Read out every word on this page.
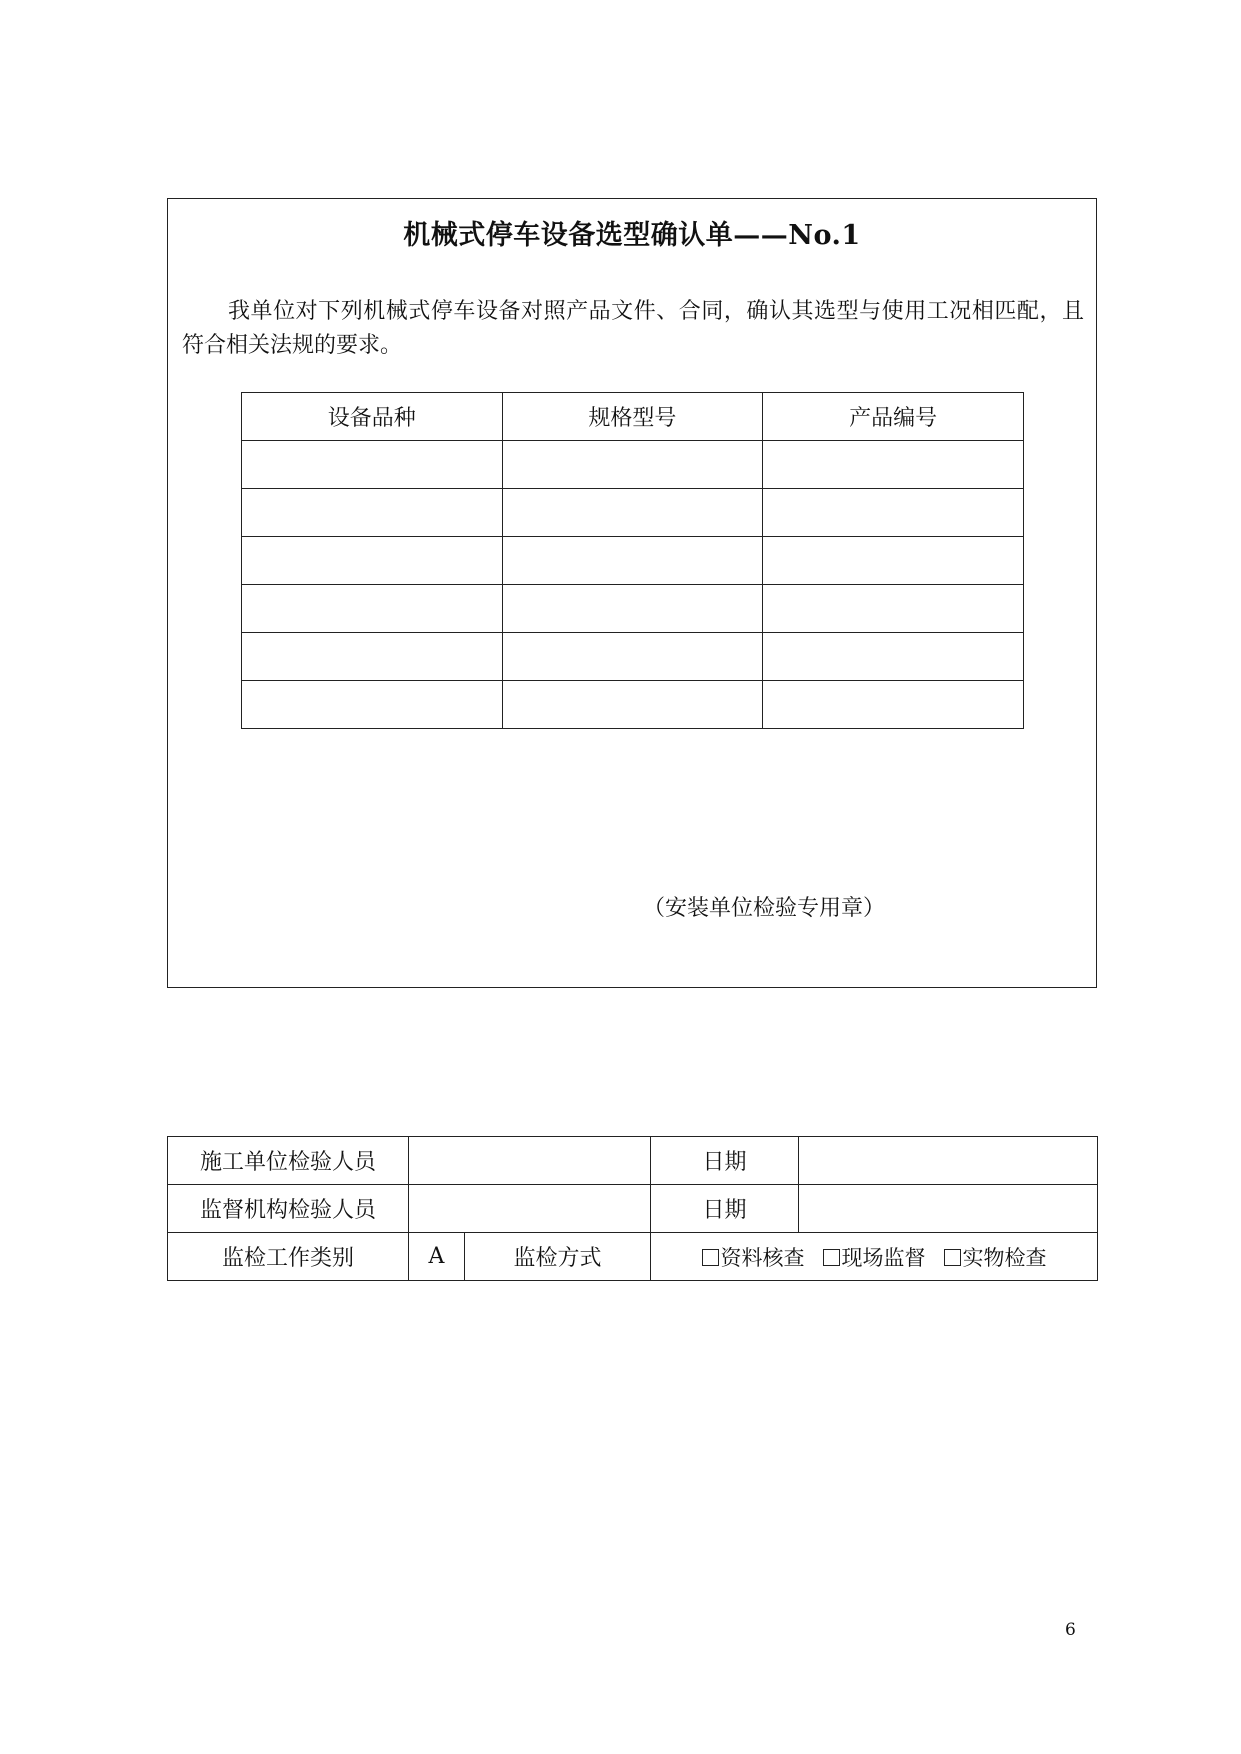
机械式停车设备选型确认单——No.1
我单位对下列机械式停车设备对照产品文件、合同，确认其选型与使用工况相匹配，且符合相关法规的要求。
设备品种	规格型号	产品编号

（安装单位检验专用章）
施工单位检验人员			日期	
监督机构检验人员			日期	
监检工作类别	A	监检方式	资料核查 现场监督 实物检查	
6
